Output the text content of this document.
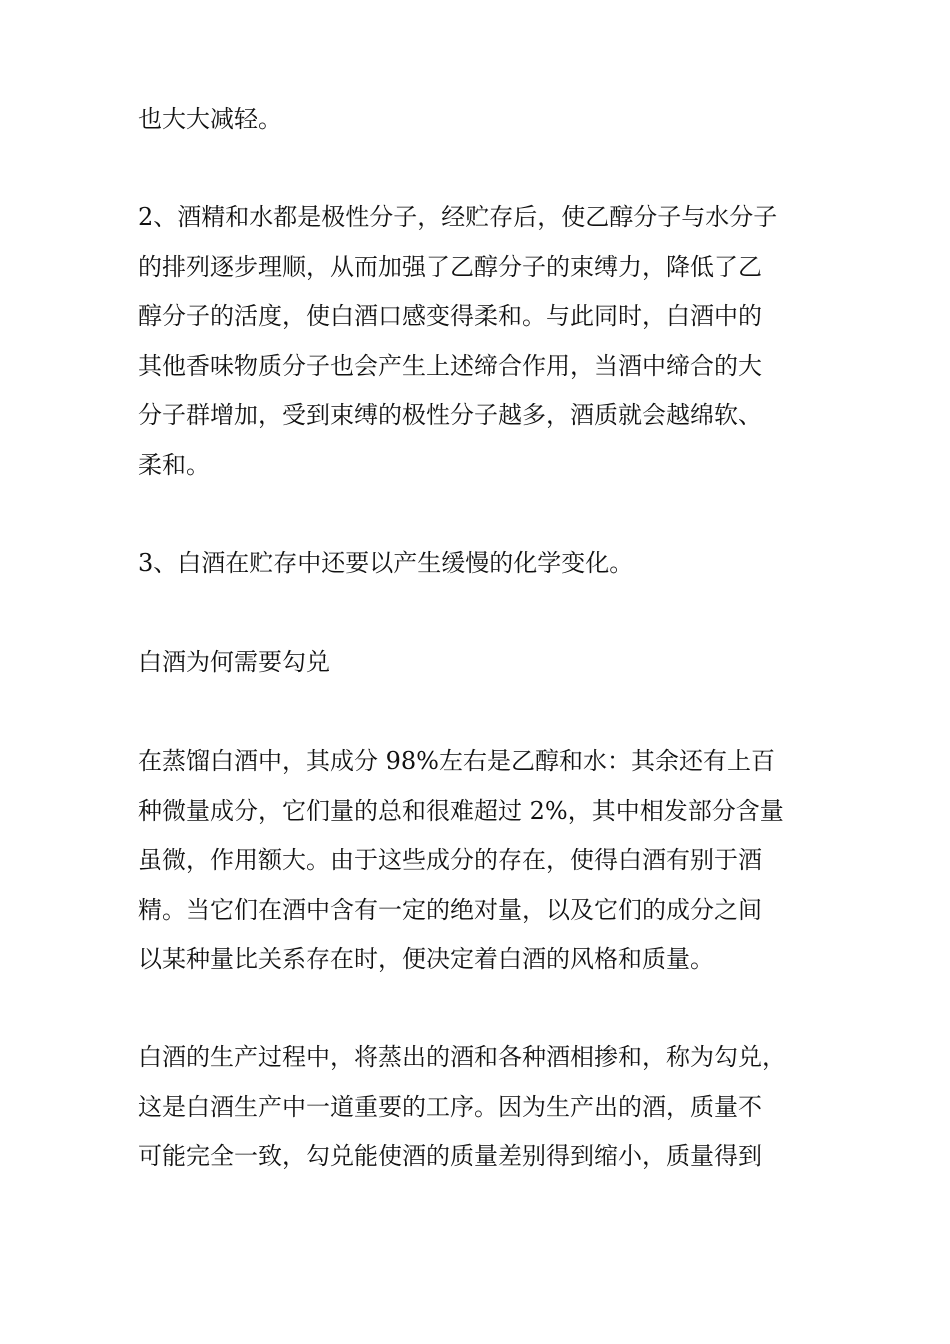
也大大减轻。
2、酒精和水都是极性分子，经贮存后，使乙醇分子与水分子
的排列逐步理顺，从而加强了乙醇分子的束缚力，降低了乙
醇分子的活度，使白酒口感变得柔和。与此同时，白酒中的
其他香味物质分子也会产生上述缔合作用，当酒中缔合的大
分子群增加，受到束缚的极性分子越多，酒质就会越绵软、
柔和。
3、白酒在贮存中还要以产生缓慢的化学变化。
白酒为何需要勾兑
在蒸馏白酒中，其成分 98%左右是乙醇和水：其余还有上百
种微量成分，它们量的总和很难超过 2%，其中相发部分含量
虽微，作用额大。由于这些成分的存在，使得白酒有别于酒
精。当它们在酒中含有一定的绝对量，以及它们的成分之间
以某种量比关系存在时，便决定着白酒的风格和质量。
白酒的生产过程中，将蒸出的酒和各种酒相掺和，称为勾兑，
这是白酒生产中一道重要的工序。因为生产出的酒，质量不
可能完全一致，勾兑能使酒的质量差别得到缩小，质量得到
